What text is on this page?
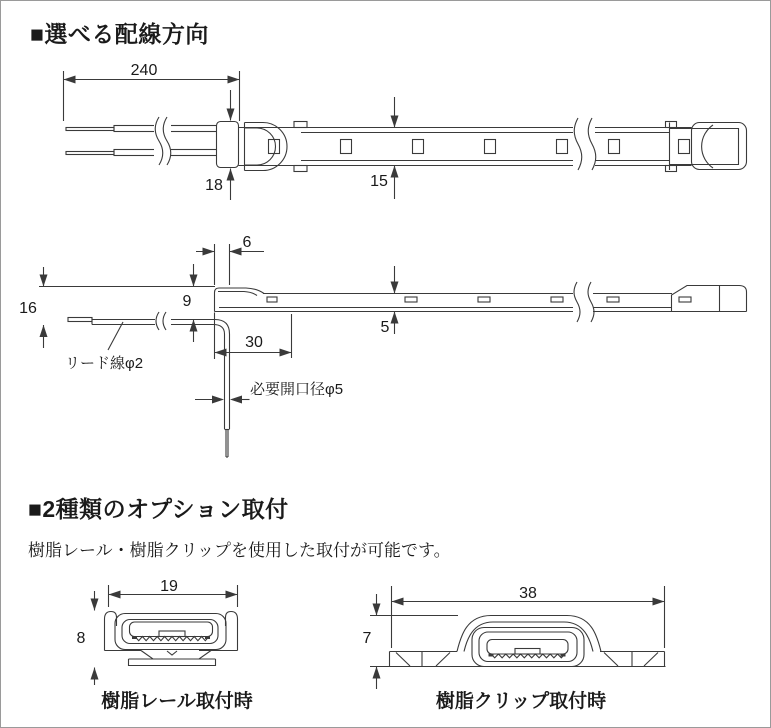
■選べる配線方向
240
18	15
6
16	9
5
30
リード線φ2
必要開口径φ5
19
8
38
7
■2種類のオプション取付
樹脂レール・樹脂クリップを使用した取付が可能です。
樹脂レール取付時	樹脂クリップ取付時
